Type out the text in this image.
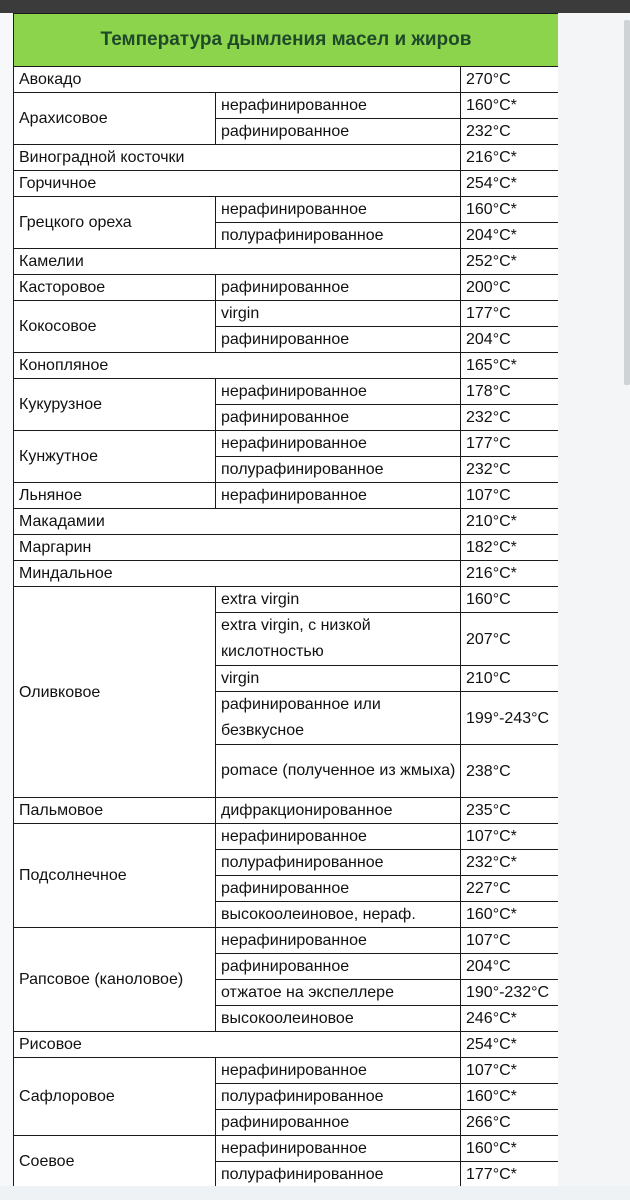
Температура дымления масел и жиров		
Авокадо		270°C
Арахисовое	нерафинированное	160°C*
	рафинированное	232°C
Виноградной косточки		216°C*
Горчичное		254°C*
Грецкого ореха	нерафинированное	160°C*
	полурафинированное	204°C*
Камелии		252°C*
Касторовое	рафинированное	200°C
Кокосовое	virgin	177°C
	рафинированное	204°C
Конопляное		165°C*
Кукурузное	нерафинированное	178°C
	рафинированное	232°C
Кунжутное	нерафинированное	177°C
	полурафинированное	232°C
Льняное	нерафинированное	107°C
Макадамии		210°C*
Маргарин		182°C*
Миндальное		216°C*
Оливковое	extra virgin	160°C
	extra virgin, с низкой кислотностью	207°C
	virgin	210°C
	рафинированное или безвкусное	199°-243°C
	pomace (полученное из жмыха)	238°C
Пальмовое	дифракционированное	235°C
Подсолнечное	нерафинированное	107°C*
	полурафинированное	232°C*
	рафинированное	227°C
	высокоолеиновое, нераф.	160°C*
Рапсовое (каноловое)	нерафинированное	107°C
	рафинированное	204°C
	отжатое на экспеллере	190°-232°C
	высокоолеиновое	246°C*
Рисовое		254°C*
Сафлоровое	нерафинированное	107°C*
	полурафинированное	160°C*
	рафинированное	266°C
Соевое	нерафинированное	160°C*
	полурафинированное	177°C*
